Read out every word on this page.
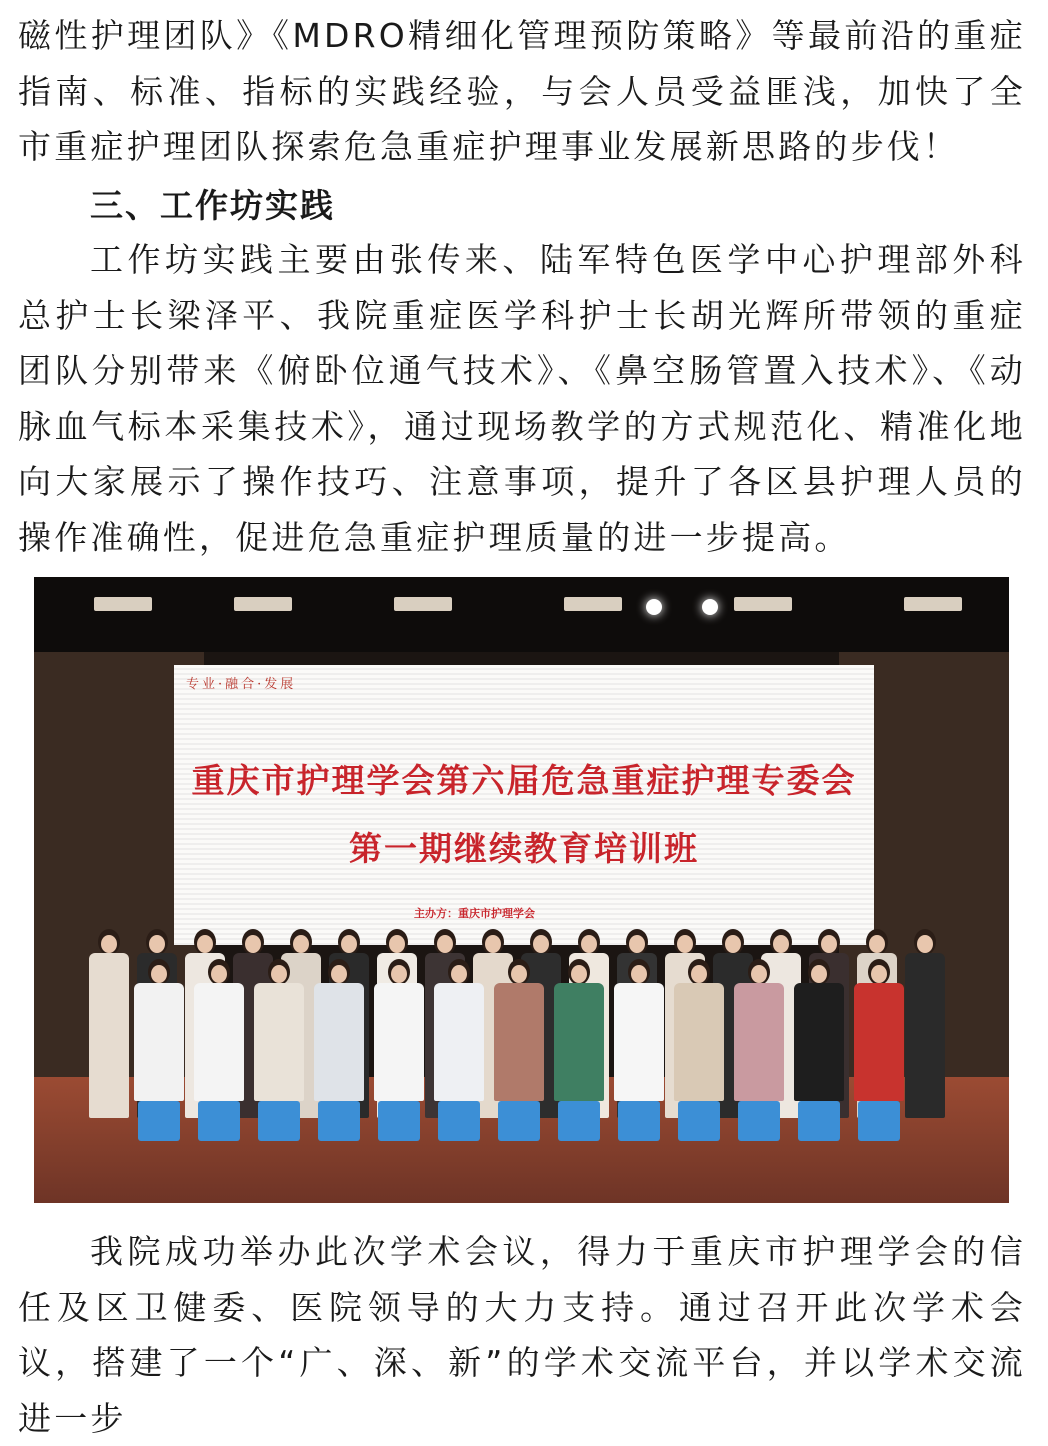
磁性护理团队》《MDRO精细化管理预防策略》等最前沿的重症指南、标准、指标的实践经验，与会人员受益匪浅，加快了全市重症护理团队探索危急重症护理事业发展新思路的步伐！

三、工作坊实践

工作坊实践主要由张传来、陆军特色医学中心护理部外科总护士长梁泽平、我院重症医学科护士长胡光辉所带领的重症团队分别带来《俯卧位通气技术》、《鼻空肠管置入技术》、《动脉血气标本采集技术》，通过现场教学的方式规范化、精准化地向大家展示了操作技巧、注意事项，提升了各区县护理人员的操作准确性，促进危急重症护理质量的进一步提高。

专业·融合·发展
重庆市护理学会第六届危急重症护理专委会
第一期继续教育培训班
主办方：重庆市护理学会

我院成功举办此次学术会议，得力于重庆市护理学会的信任及区卫健委、医院领导的大力支持。通过召开此次学术会议，搭建了一个“广、深、新”的学术交流平台，并以学术交流进一步
